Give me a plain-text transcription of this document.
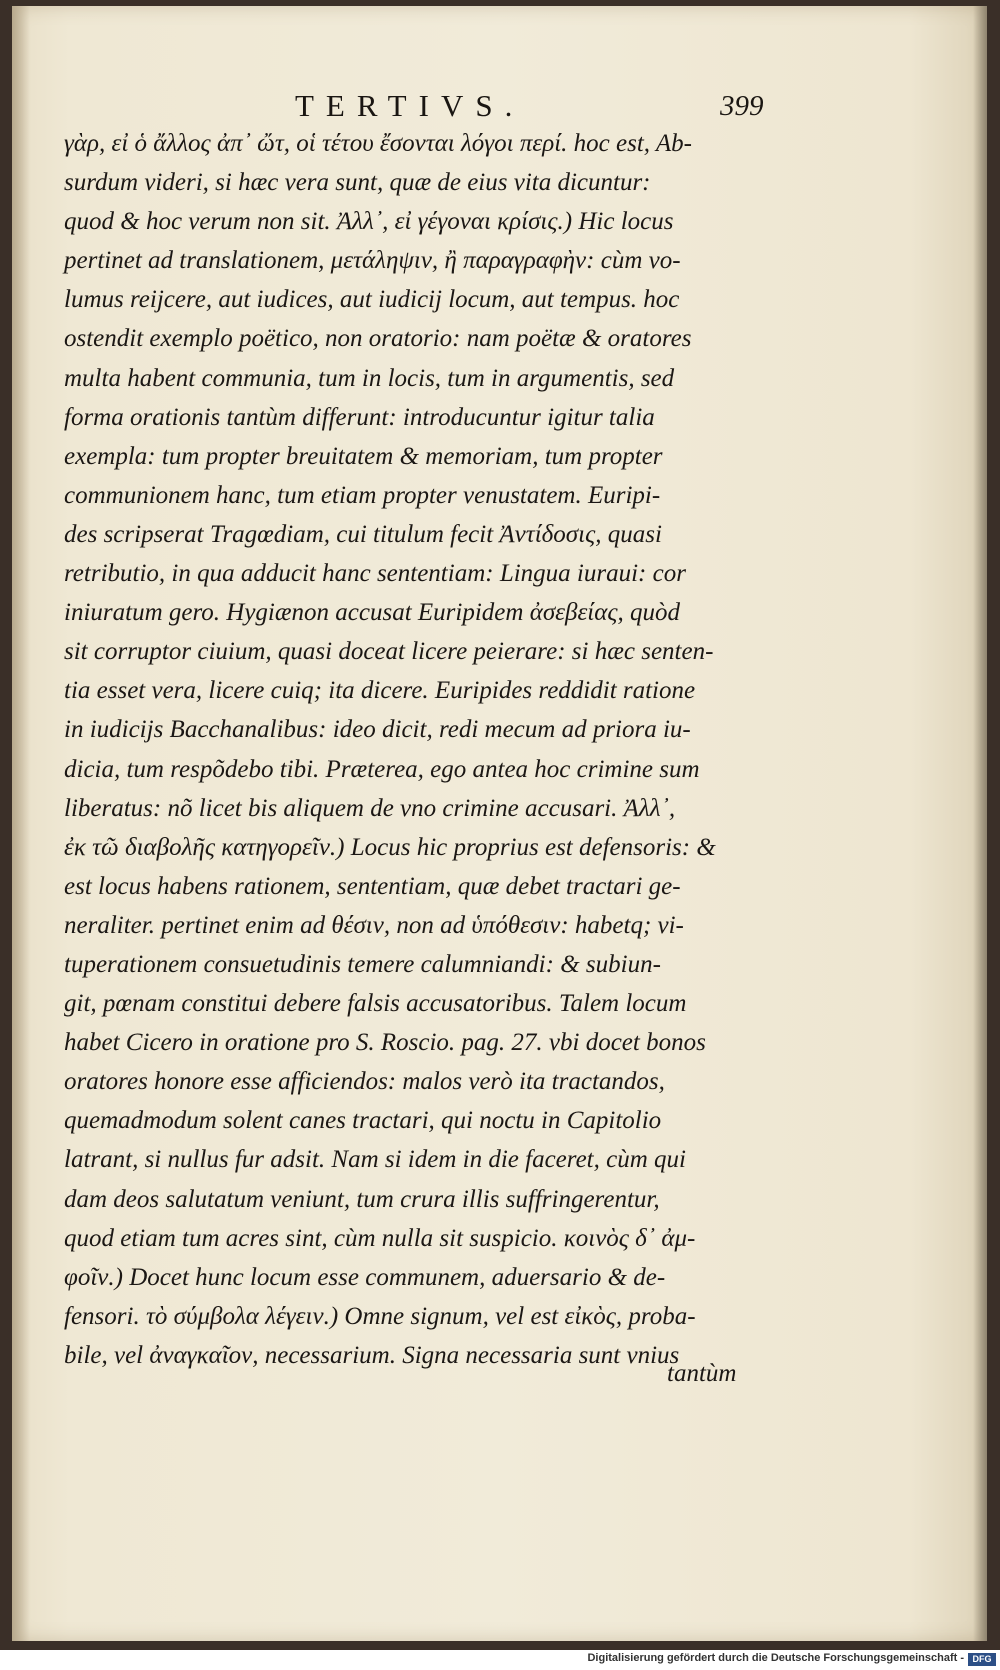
TERTIVS.	399
γὰρ, εἰ ὁ ἄλλος ἀπ᾽ ὤτ, οἱ τέτου ἔσονται λόγοι περί. hoc est, Ab-
surdum videri, si hæc vera sunt, quæ de eius vita dicuntur:
quod & hoc verum non sit. Ἀλλ᾽, εἰ γέγοναι κρίσις.) Hic locus
pertinet ad translationem, μετάληψιν, ἢ παραγραφὴν: cùm vo-
lumus reijcere, aut iudices, aut iudicij locum, aut tempus. hoc
ostendit exemplo poëtico, non oratorio: nam poëtæ & oratores
multa habent communia, tum in locis, tum in argumentis, sed
forma orationis tantùm differunt: introducuntur igitur talia
exempla: tum propter breuitatem & memoriam, tum propter
communionem hanc, tum etiam propter venustatem. Euripi-
des scripserat Tragœdiam, cui titulum fecit Ἀντίδοσις, quasi
retributio, in qua adducit hanc sententiam: Lingua iuraui: cor
iniuratum gero. Hygiænon accusat Euripidem ἀσεβείας, quòd
sit corruptor ciuium, quasi doceat licere peierare: si hæc senten-
tia esset vera, licere cuiq; ita dicere. Euripides reddidit ratione
in iudicijs Bacchanalibus: ideo dicit, redi mecum ad priora iu-
dicia, tum respõdebo tibi. Præterea, ego antea hoc crimine sum
liberatus: nõ licet bis aliquem de vno crimine accusari. Ἀλλ᾽,
ἐκ τῶ διαβολῆς κατηγορεῖν.) Locus hic proprius est defensoris: &
est locus habens rationem, sententiam, quæ debet tractari ge-
neraliter. pertinet enim ad θέσιν, non ad ὑπόθεσιν: habetq; vi-
tuperationem consuetudinis temere calumniandi: & subiun-
git, pœnam constitui debere falsis accusatoribus. Talem locum
habet Cicero in oratione pro S. Roscio. pag. 27. vbi docet bonos
oratores honore esse afficiendos: malos verò ita tractandos,
quemadmodum solent canes tractari, qui noctu in Capitolio
latrant, si nullus fur adsit. Nam si idem in die faceret, cùm qui
dam deos salutatum veniunt, tum crura illis suffringerentur,
quod etiam tum acres sint, cùm nulla sit suspicio. κοινὸς δ᾽ ἀμ-
φοῖν.) Docet hunc locum esse communem, aduersario & de-
fensori. τὸ σύμβολα λέγειν.) Omne signum, vel est εἰκὸς, proba-
bile, vel ἀναγκαῖον, necessarium. Signa necessaria sunt vnius
tantùm
Digitalisierung gefördert durch die Deutsche Forschungsgemeinschaft - DFG
